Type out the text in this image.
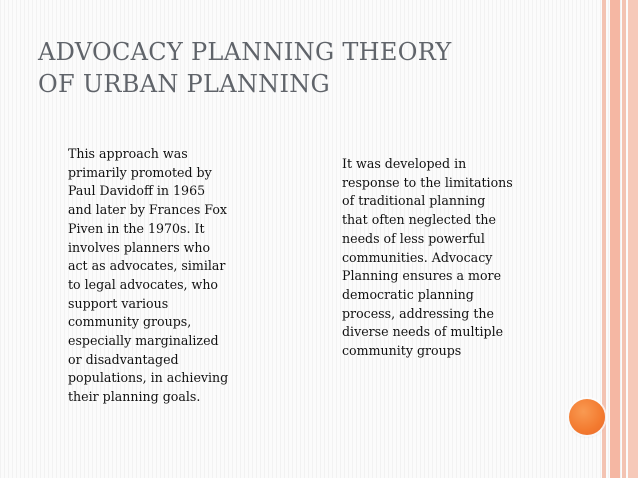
ADVOCACY PLANNING THEORY
OF URBAN PLANNING

This approach was
primarily promoted by
Paul Davidoff in 1965
and later by Frances Fox
Piven in the 1970s. It
involves planners who
act as advocates, similar
to legal advocates, who
support various
community groups,
especially marginalized
or disadvantaged
populations, in achieving
their planning goals.

It was developed in
response to the limitations
of traditional planning
that often neglected the
needs of less powerful
communities. Advocacy
Planning ensures a more
democratic planning
process, addressing the
diverse needs of multiple
community groups
